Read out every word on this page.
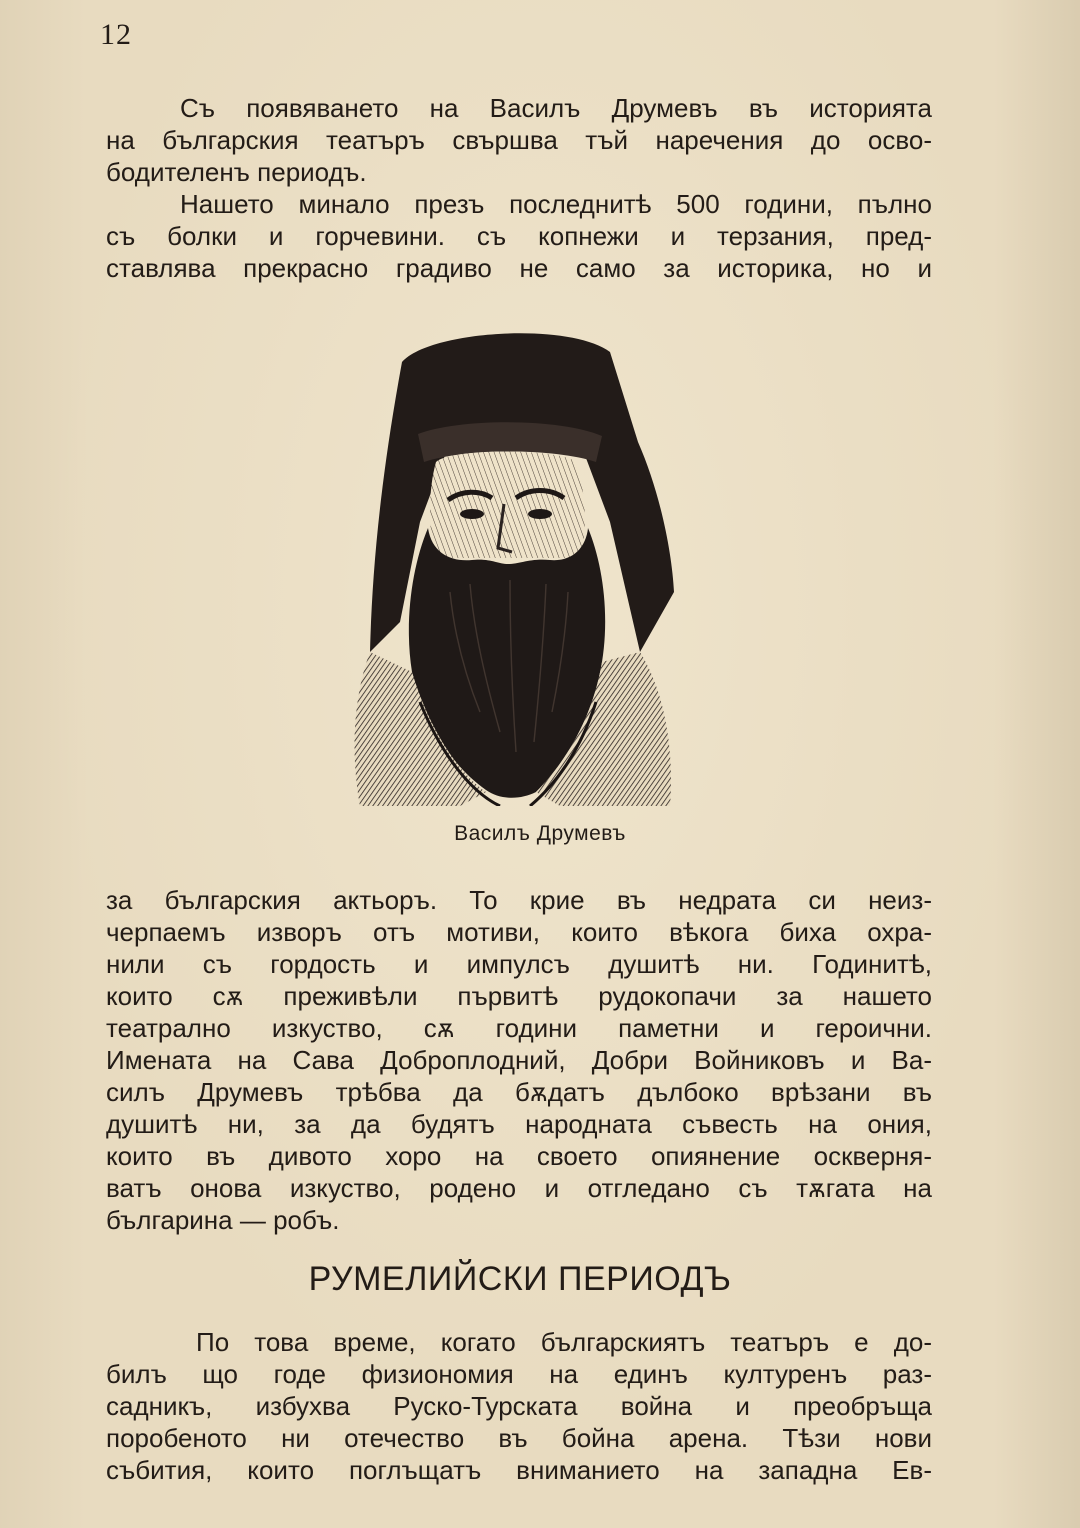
12
Съ появяването на Василъ Друмевъ въ историята
на българския театъръ свършва тъй наречения до осво-
бодителенъ периодъ.
Нашето минало презъ последнитѣ 500 години, пълно
съ болки и горчевини. съ копнежи и терзания, пред-
ставлява прекрасно градиво не само за историка, но и
Василъ Друмевъ
за българския актьоръ. То крие въ недрата си неиз-
черпаемъ изворъ отъ мотиви, които вѣкога биха охра-
нили съ гордость и импулсъ душитѣ ни. Годинитѣ,
които сѫ преживѣли първитѣ рудокопачи за нашето
театрално изкуство, сѫ години паметни и героични.
Имената на Сава Доброплодний, Добри Войниковъ и Ва-
силъ Друмевъ трѣбва да бѫдатъ дълбоко врѣзани въ
душитѣ ни, за да будятъ народната съвесть на ония,
които въ дивото хоро на своето опиянение оскверня-
ватъ онова изкуство, родено и отгледано съ тѫгата на
българина — робъ.
РУМЕЛИЙСКИ ПЕРИОДЪ
По това време, когато българскиятъ театъръ е до-
билъ що годе физиономия на единъ културенъ раз-
садникъ, избухва Руско-Турската война и преобръща
поробеното ни отечество въ бойна арена. Тѣзи нови
събития, които поглъщатъ вниманието на западна Ев-
